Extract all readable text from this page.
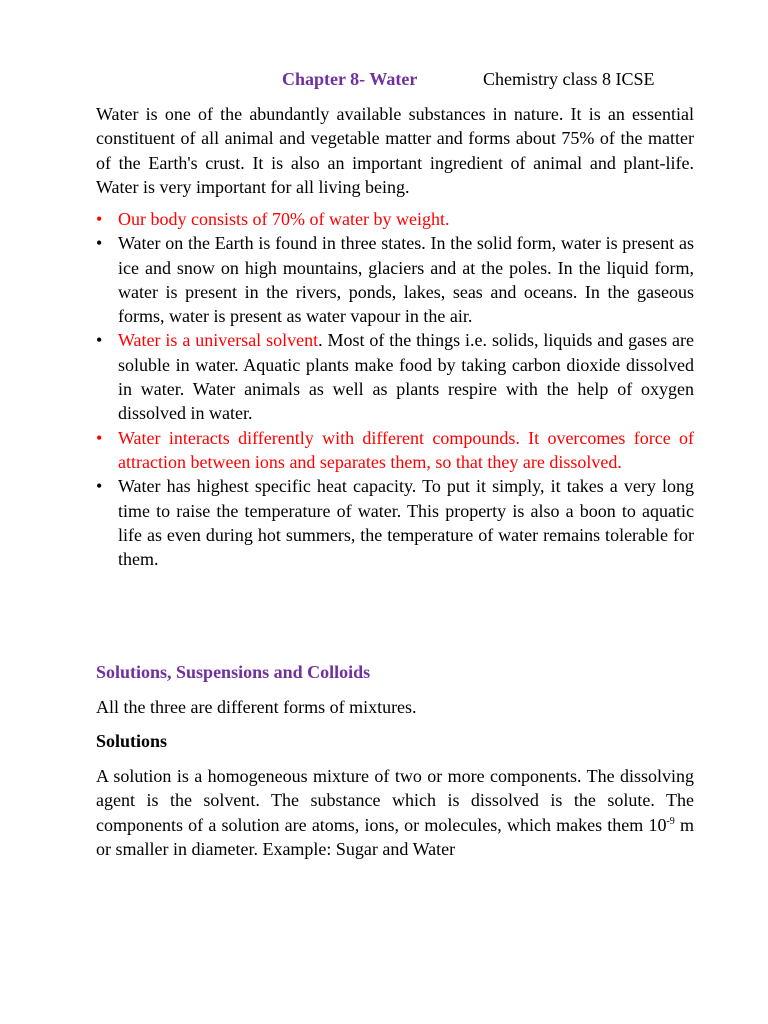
Chapter 8- Water	Chemistry class 8 ICSE

Water is one of the abundantly available substances in nature. It is an essential constituent of all animal and vegetable matter and forms about 75% of the matter of the Earth's crust. It is also an important ingredient of animal and plant-life. Water is very important for all living being.

• Our body consists of 70% of water by weight.
• Water on the Earth is found in three states. In the solid form, water is present as ice and snow on high mountains, glaciers and at the poles. In the liquid form, water is present in the rivers, ponds, lakes, seas and oceans. In the gaseous forms, water is present as water vapour in the air.
• Water is a universal solvent. Most of the things i.e. solids, liquids and gases are soluble in water. Aquatic plants make food by taking carbon dioxide dissolved in water. Water animals as well as plants respire with the help of oxygen dissolved in water.
• Water interacts differently with different compounds. It overcomes force of attraction between ions and separates them, so that they are dissolved.
• Water has highest specific heat capacity. To put it simply, it takes a very long time to raise the temperature of water. This property is also a boon to aquatic life as even during hot summers, the temperature of water remains tolerable for them.
Solutions, Suspensions and Colloids

All the three are different forms of mixtures.

Solutions

A solution is a homogeneous mixture of two or more components. The dissolving agent is the solvent. The substance which is dissolved is the solute. The components of a solution are atoms, ions, or molecules, which makes them $10^{-9}$ m or smaller in diameter. Example: Sugar and Water
